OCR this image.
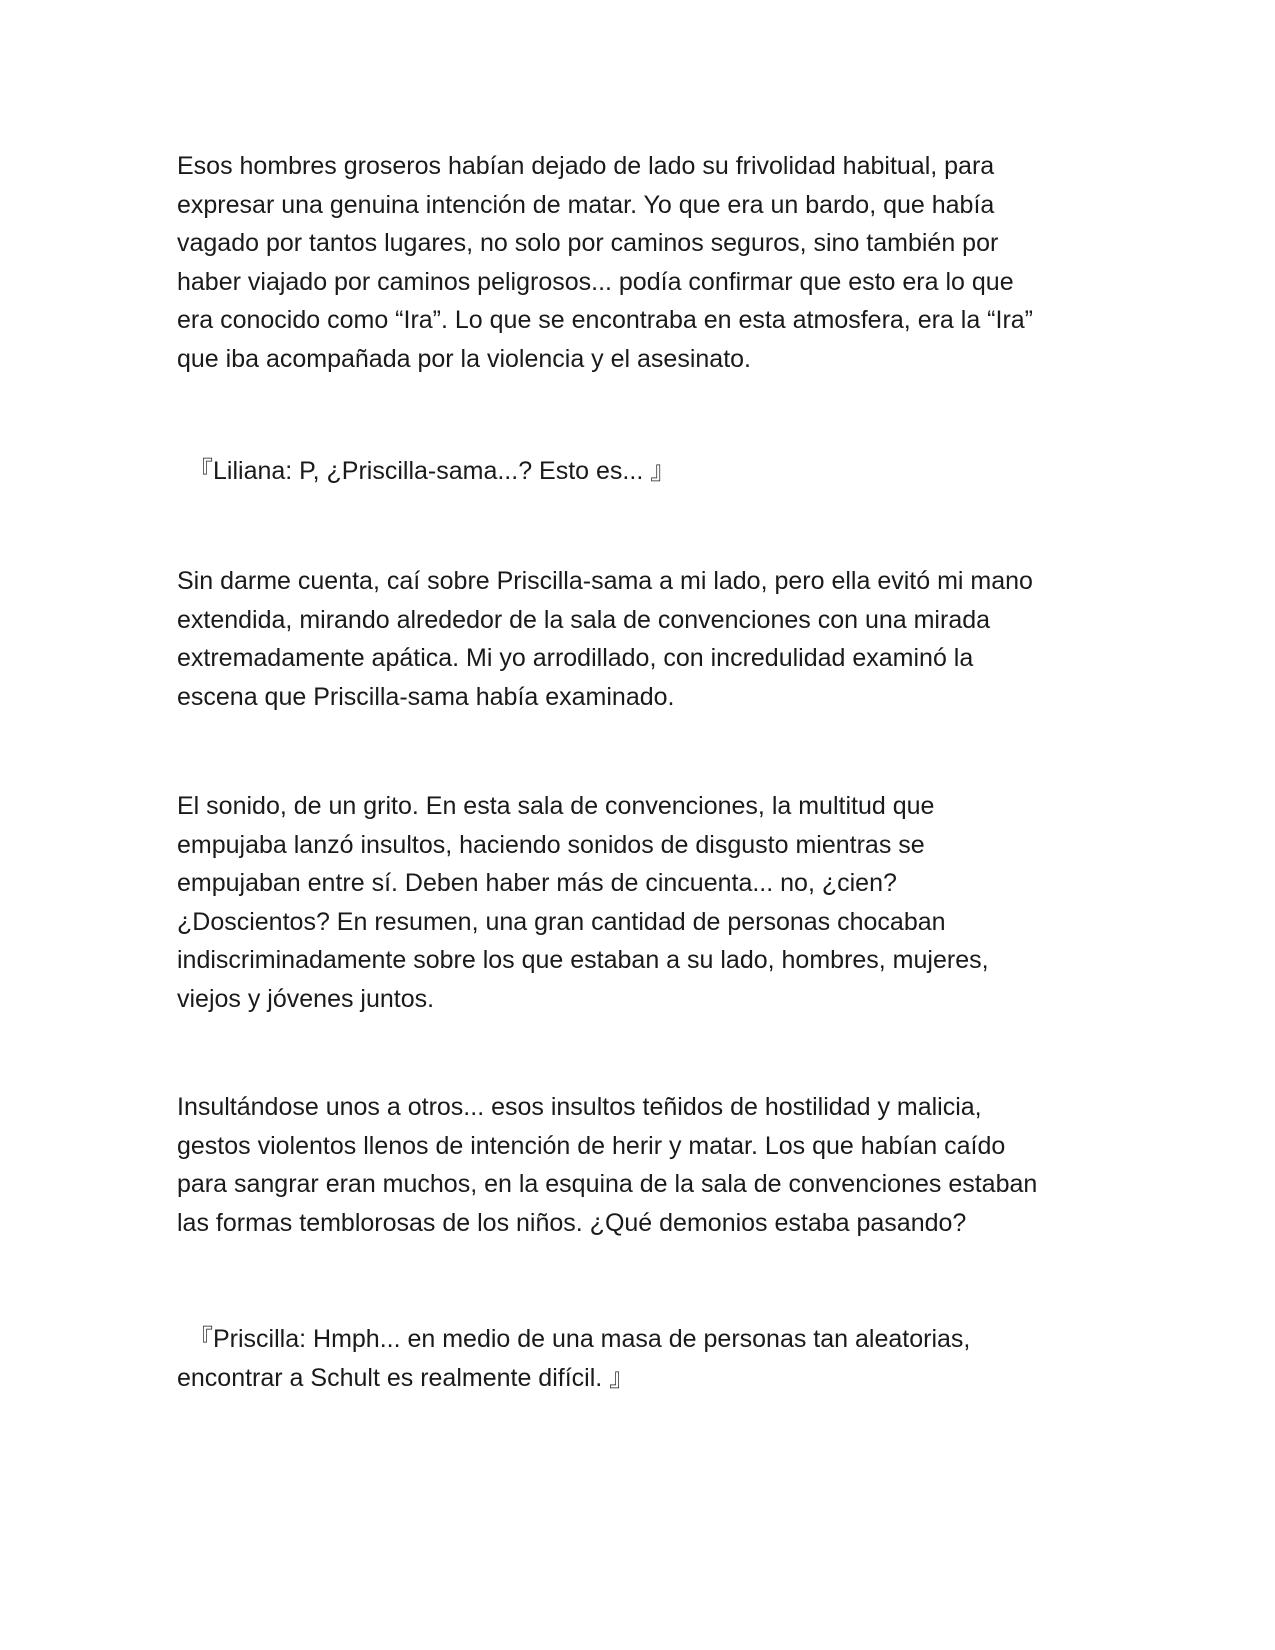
Esos hombres groseros habían dejado de lado su frivolidad habitual, para
expresar una genuina intención de matar. Yo que era un bardo, que había
vagado por tantos lugares, no solo por caminos seguros, sino también por
haber viajado por caminos peligrosos... podía confirmar que esto era lo que
era conocido como “Ira”. Lo que se encontraba en esta atmosfera, era la “Ira”
que iba acompañada por la violencia y el asesinato.

『Liliana: P, ¿Priscilla-sama...? Esto es... 』

Sin darme cuenta, caí sobre Priscilla-sama a mi lado, pero ella evitó mi mano
extendida, mirando alrededor de la sala de convenciones con una mirada
extremadamente apática. Mi yo arrodillado, con incredulidad examinó la
escena que Priscilla-sama había examinado.

El sonido, de un grito. En esta sala de convenciones, la multitud que
empujaba lanzó insultos, haciendo sonidos de disgusto mientras se
empujaban entre sí. Deben haber más de cincuenta... no, ¿cien?
¿Doscientos? En resumen, una gran cantidad de personas chocaban
indiscriminadamente sobre los que estaban a su lado, hombres, mujeres,
viejos y jóvenes juntos.

Insultándose unos a otros... esos insultos teñidos de hostilidad y malicia,
gestos violentos llenos de intención de herir y matar. Los que habían caído
para sangrar eran muchos, en la esquina de la sala de convenciones estaban
las formas temblorosas de los niños. ¿Qué demonios estaba pasando?

『Priscilla: Hmph... en medio de una masa de personas tan aleatorias,
encontrar a Schult es realmente difícil. 』
